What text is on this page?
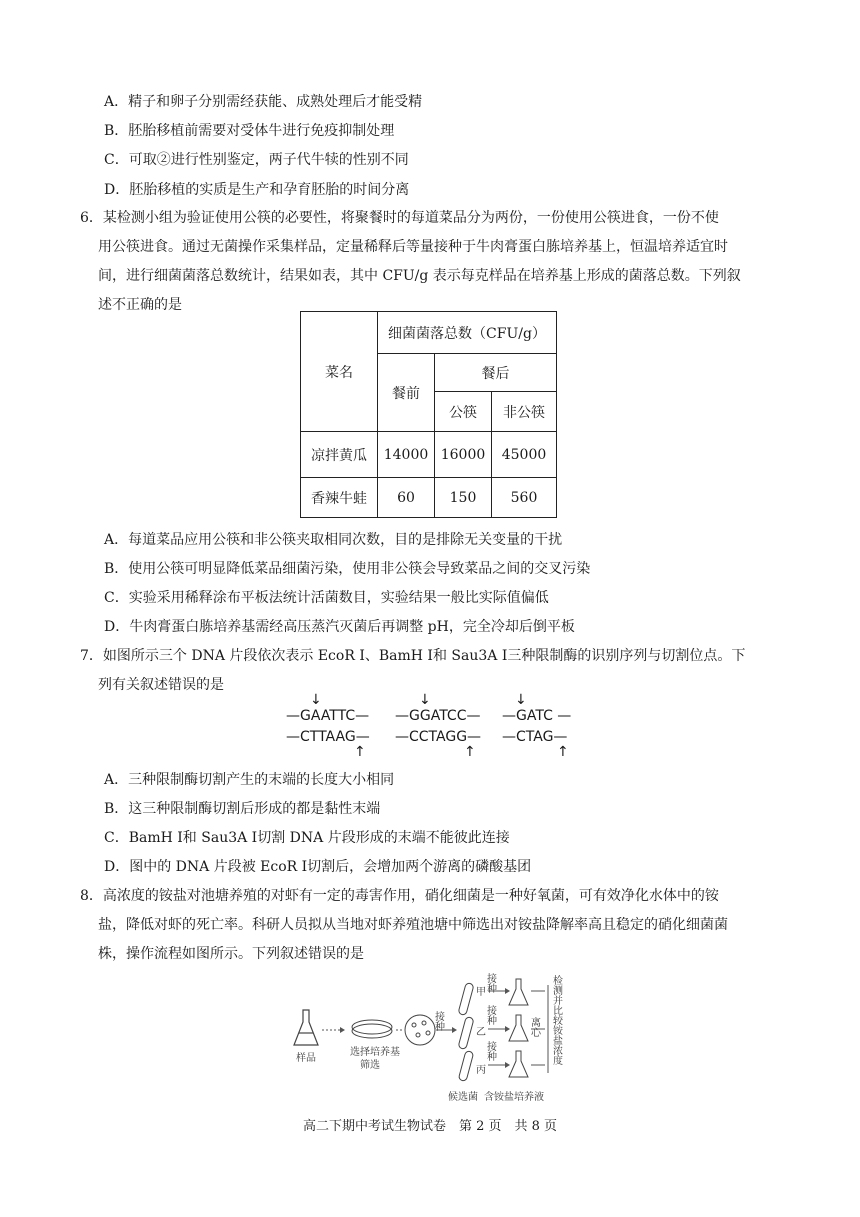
A．精子和卵子分别需经获能、成熟处理后才能受精
B．胚胎移植前需要对受体牛进行免疫抑制处理
C．可取②进行性别鉴定，两子代牛犊的性别不同
D．胚胎移植的实质是生产和孕育胚胎的时间分离
6．某检测小组为验证使用公筷的必要性，将聚餐时的每道菜品分为两份，一份使用公筷进食，一份不使
用公筷进食。通过无菌操作采集样品，定量稀释后等量接种于牛肉膏蛋白胨培养基上，恒温培养适宜时
间，进行细菌菌落总数统计，结果如表，其中 CFU/g 表示每克样品在培养基上形成的菌落总数。下列叙
述不正确的是
菜名	细菌菌落总数（CFU/g）		
	餐前	餐后	
		公筷	非公筷
凉拌黄瓜	14000	16000	45000
香辣牛蛙	60	150	560
A．每道菜品应用公筷和非公筷夹取相同次数，目的是排除无关变量的干扰
B．使用公筷可明显降低菜品细菌污染，使用非公筷会导致菜品之间的交叉污染
C．实验采用稀释涂布平板法统计活菌数目，实验结果一般比实际值偏低
D．牛肉膏蛋白胨培养基需经高压蒸汽灭菌后再调整 pH，完全冷却后倒平板
7．如图所示三个 DNA 片段依次表示 EcoR Ⅰ、BamH Ⅰ和 Sau3A Ⅰ三种限制酶的识别序列与切割位点。下
列有关叙述错误的是
↓	↓	↓
—GAATTC— —GGATCC— —GATC —
—CTTAAG— —CCTAGG— —CTAG—
↑	↑	↑
A．三种限制酶切割产生的末端的长度大小相同
B．这三种限制酶切割后形成的都是黏性末端
C．BamH Ⅰ和 Sau3A Ⅰ切割 DNA 片段形成的末端不能彼此连接
D．图中的 DNA 片段被 EcoR Ⅰ切割后，会增加两个游离的磷酸基团
8．高浓度的铵盐对池塘养殖的对虾有一定的毒害作用，硝化细菌是一种好氧菌，可有效净化水体中的铵
盐，降低对虾的死亡率。科研人员拟从当地对虾养殖池塘中筛选出对铵盐降解率高且稳定的硝化细菌菌
株，操作流程如图所示。下列叙述错误的是
样品
选择培养基
筛选
接种
甲
乙
丙
候选菌
接种
接种
接种
含铵盐培养液
离心 检测并比较铵盐浓度
高二下期中考试生物试卷　第 2 页　共 8 页
